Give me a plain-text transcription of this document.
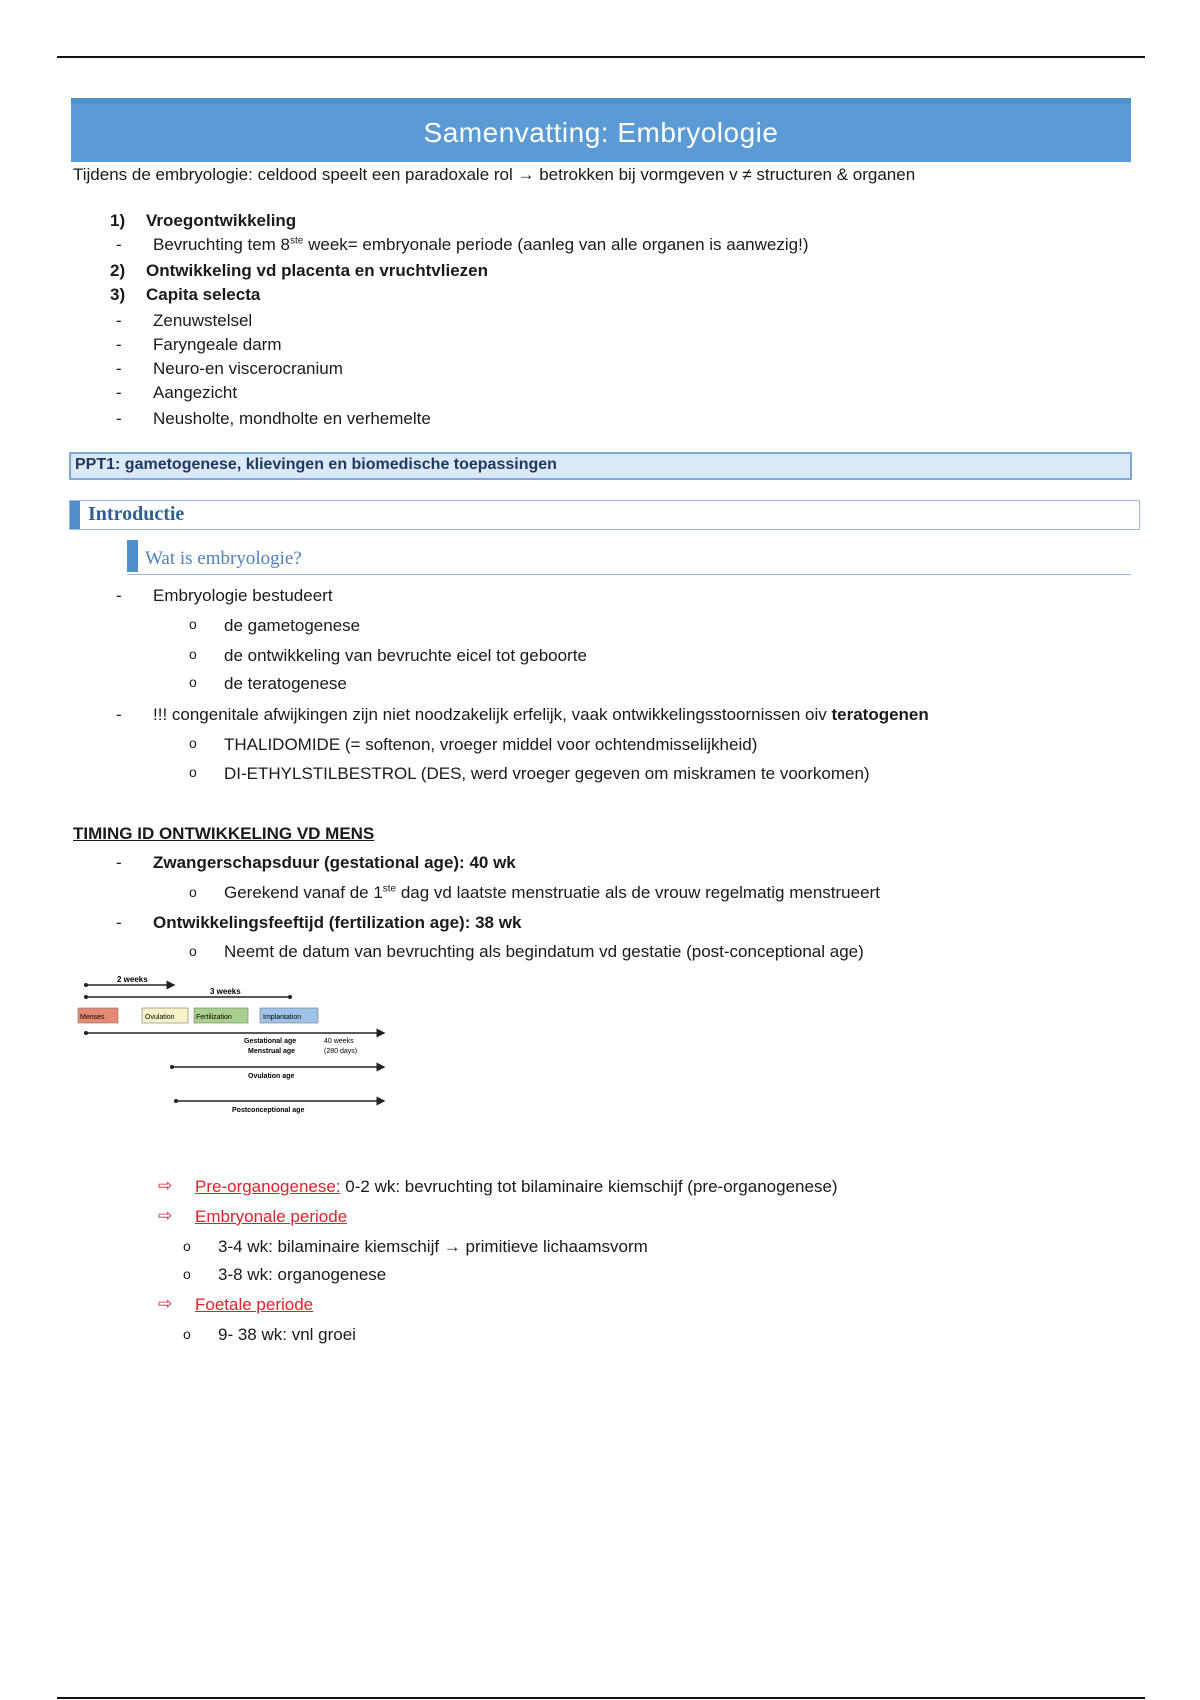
Samenvatting: Embryologie
Tijdens de embryologie: celdood speelt een paradoxale rol → betrokken bij vormgeven v ≠ structuren & organen
1) Vroegontwikkeling
- Bevruchting tem 8ste week= embryonale periode (aanleg van alle organen is aanwezig!)
2) Ontwikkeling vd placenta en vruchtvliezen
3) Capita selecta
- Zenuwstelsel
- Faryngeale darm
- Neuro-en viscerocranium
- Aangezicht
- Neusholte, mondholte en verhemelte
PPT1: gametogenese, klievingen en biomedische toepassingen
Introductie
Wat is embryologie?
- Embryologie bestudeert
o de gametogenese
o de ontwikkeling van bevruchte eicel tot geboorte
o de teratogenese
- !!! congenitale afwijkingen zijn niet noodzakelijk erfelijk, vaak ontwikkelingsstoornissen oiv teratogenen
o THALIDOMIDE (= softenon, vroeger middel voor ochtendmisselijkheid)
o DI-ETHYLSTILBESTROL (DES, werd vroeger gegeven om miskramen te voorkomen)
TIMING ID ONTWIKKELING VD MENS
- Zwangerschapsduur (gestational age): 40 wk
o Gerekend vanaf de 1ste dag vd laatste menstruatie als de vrouw regelmatig menstrueert
- Ontwikkelingsfeeftijd (fertilization age): 38 wk
o Neemt de datum van bevruchting als begindatum vd gestatie (post-conceptional age)
2 weeks
3 weeks
Menses	Ovulation	Fertilization	Implantation
Gestational age
Menstrual age
40 weeks
(280 days)
Ovulation age
Postconceptional age
⇨ Pre-organogenese: 0-2 wk: bevruchting tot bilaminaire kiemschijf (pre-organogenese)
⇨ Embryonale periode
o 3-4 wk: bilaminaire kiemschijf → primitieve lichaamsvorm
o 3-8 wk: organogenese
⇨ Foetale periode
o 9- 38 wk: vnl groei
